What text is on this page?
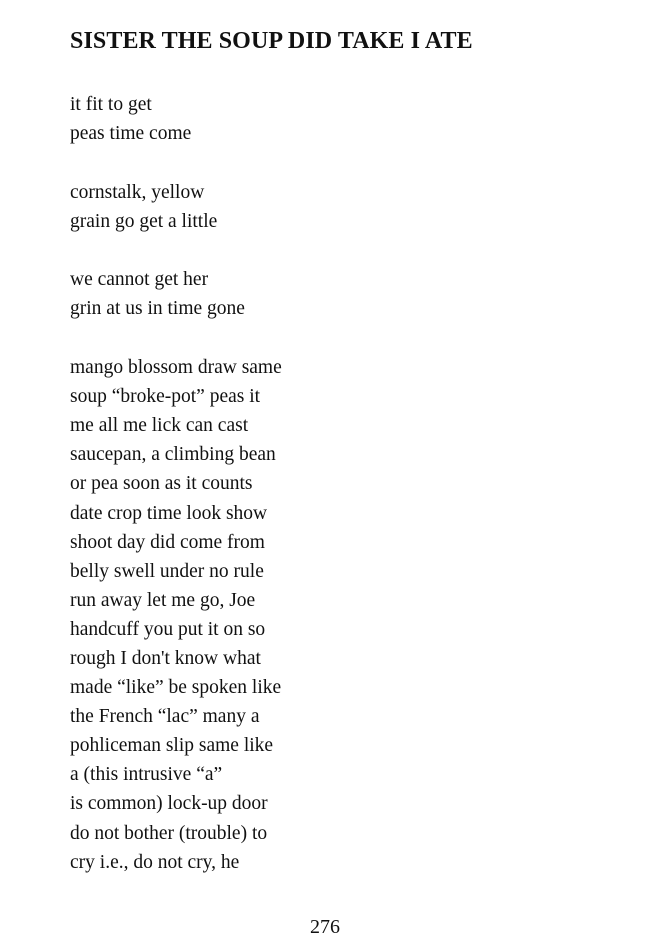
SISTER THE SOUP DID TAKE I ATE
it fit to get
peas time come
cornstalk, yellow
grain go get a little
we cannot get her
grin at us in time gone
mango blossom draw same
soup “broke-pot” peas it
me all me lick can cast
saucepan, a climbing bean
or pea soon as it counts
date crop time look show
shoot day did come from
belly swell under no rule
run away let me go, Joe
handcuff you put it on so
rough I don't know what
made “like” be spoken like
the French “lac” many a
pohliceman slip same like
a (this intrusive “a”
is common) lock-up door
do not bother (trouble) to
cry i.e., do not cry, he
276
